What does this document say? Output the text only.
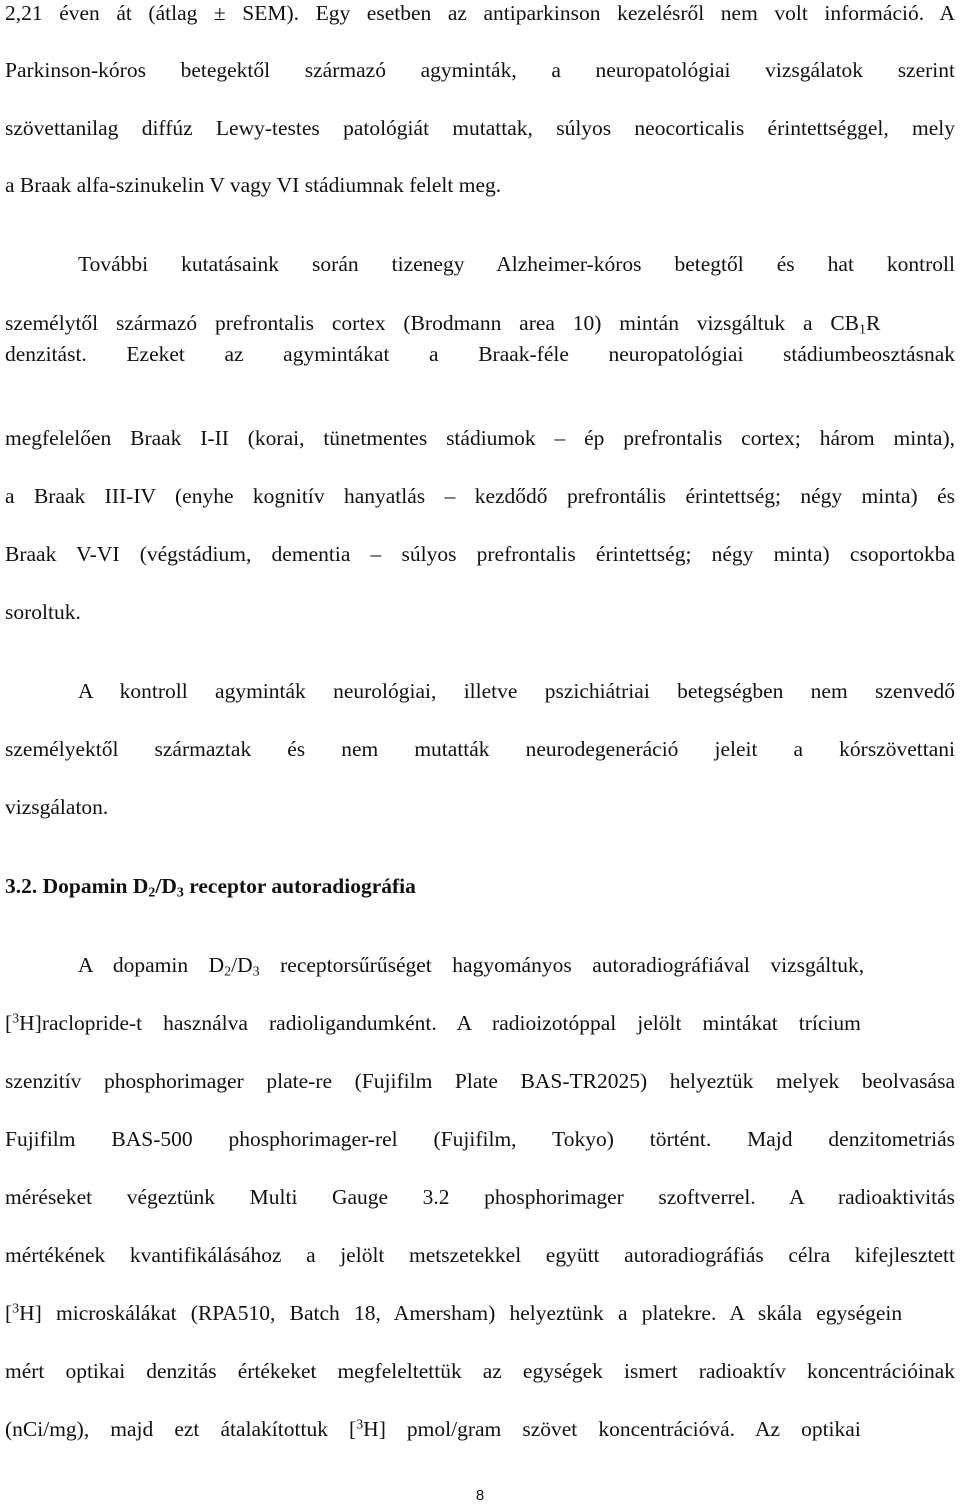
2,21 éven át (átlag ± SEM). Egy esetben az antiparkinson kezelésről nem volt információ. A
Parkinson-kóros betegektől származó agyminták, a neuropatológiai vizsgálatok szerint
szövettanilag diffúz Lewy-testes patológiát mutattak, súlyos neocorticalis érintettséggel, mely
a Braak alfa-szinukelin V vagy VI stádiumnak felelt meg.
További kutatásaink során tizenegy Alzheimer-kóros betegtől és hat kontroll
személytől származó prefrontalis cortex (Brodmann area 10) mintán vizsgáltuk a $CB_1R$
denzitást. Ezeket az agymintákat a Braak-féle neuropatológiai stádiumbeosztásnak
megfelelően Braak I-II (korai, tünetmentes stádiumok – ép prefrontalis cortex; három minta),
a Braak III-IV (enyhe kognitív hanyatlás – kezdődő prefrontális érintettség; négy minta) és
Braak V-VI (végstádium, dementia – súlyos prefrontalis érintettség; négy minta) csoportokba
soroltuk.
A kontroll agyminták neurológiai, illetve pszichiátriai betegségben nem szenvedő
személyektől származtak és nem mutatták neurodegeneráció jeleit a kórszövettani
vizsgálaton.
3.2. Dopamin $D_2/D_3$ receptor autoradiográfia
A dopamin $D_2/D_3$ receptorsűrűséget hagyományos autoradiográfiával vizsgáltuk,
[$^3$H]raclopride-t használva radioligandumként. A radioizotóppal jelölt mintákat trícium
szenzitív phosphorimager plate-re (Fujifilm Plate BAS-TR2025) helyeztük melyek beolvasása
Fujifilm BAS-500 phosphorimager-rel (Fujifilm, Tokyo) történt. Majd denzitometriás
méréseket végeztünk Multi Gauge 3.2 phosphorimager szoftverrel. A radioaktivitás
mértékének kvantifikálásához a jelölt metszetekkel együtt autoradiográfiás célra kifejlesztett
[$^3$H] microskálákat (RPA510, Batch 18, Amersham) helyeztünk a platekre. A skála egységein
mért optikai denzitás értékeket megfeleltettük az egységek ismert radioaktív koncentrációinak
(nCi/mg), majd ezt átalakítottuk [$^3$H] pmol/gram szövet koncentrációvá. Az optikai
8
